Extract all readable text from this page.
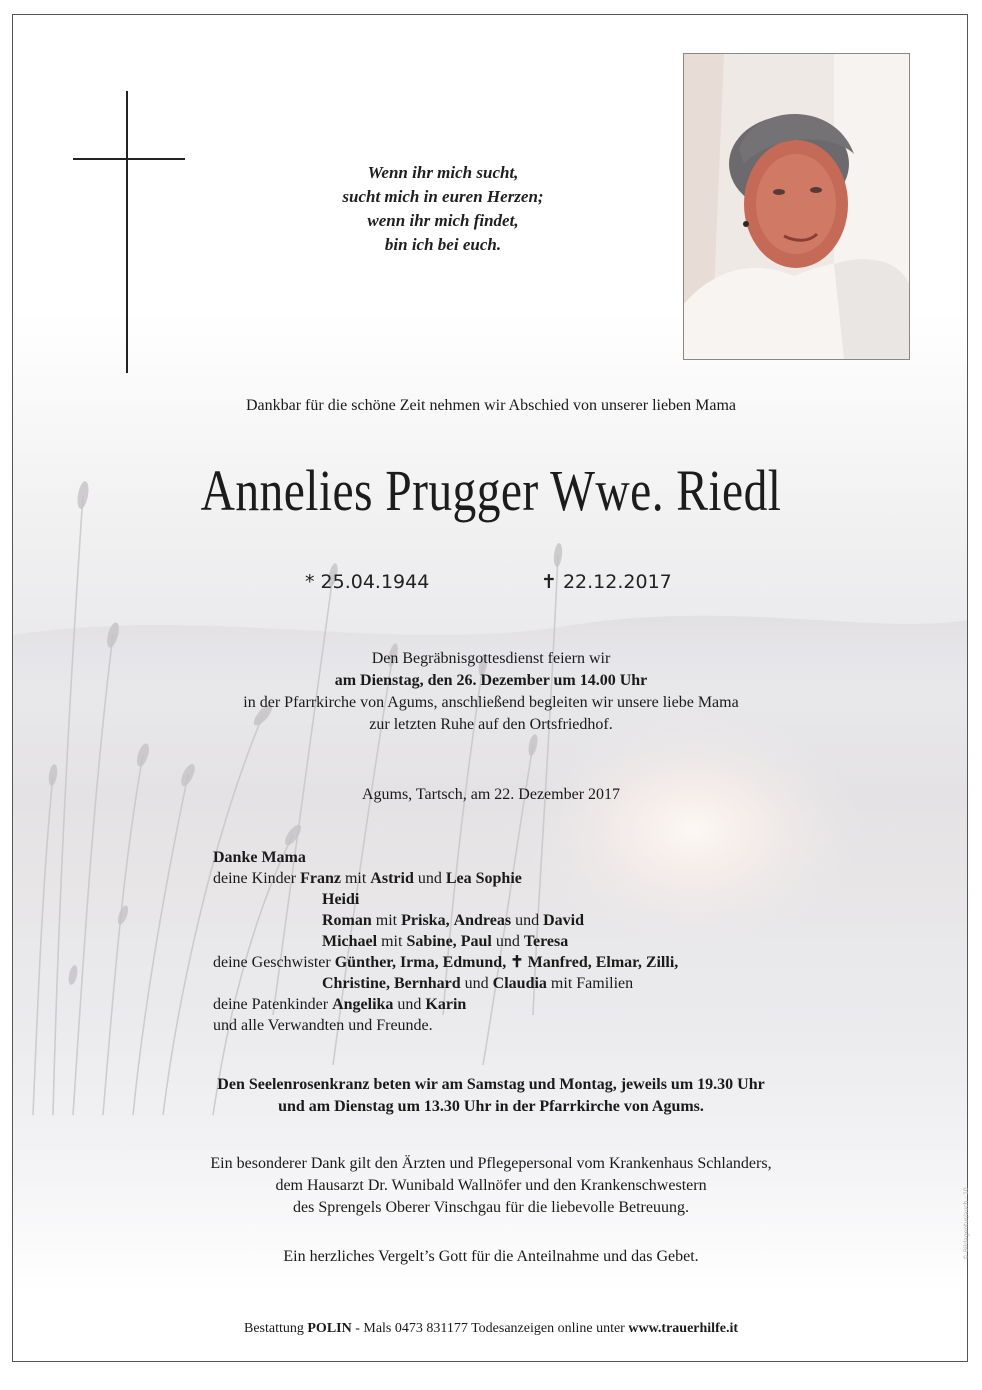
Wenn ihr mich sucht,
sucht mich in euren Herzen;
wenn ihr mich findet,
bin ich bei euch.
Dankbar für die schöne Zeit nehmen wir Abschied von unserer lieben Mama
Annelies Prugger Wwe. Riedl
* 25.04.1944	✝ 22.12.2017
Den Begräbnisgottesdienst feiern wir
am Dienstag, den 26. Dezember um 14.00 Uhr
in der Pfarrkirche von Agums, anschließend begleiten wir unsere liebe Mama
zur letzten Ruhe auf den Ortsfriedhof.
Agums, Tartsch, am 22. Dezember 2017
Danke Mama
deine Kinder Franz mit Astrid und Lea Sophie
Heidi
Roman mit Priska, Andreas und David
Michael mit Sabine, Paul und Teresa
deine Geschwister Günther, Irma, Edmund, ✝ Manfred, Elmar, Zilli,
Christine, Bernhard und Claudia mit Familien
deine Patenkinder Angelika und Karin
und alle Verwandten und Freunde.
Den Seelenrosenkranz beten wir am Samstag und Montag, jeweils um 19.30 Uhr
und am Dienstag um 13.30 Uhr in der Pfarrkirche von Agums.
Ein besonderer Dank gilt den Ärzten und Pflegepersonal vom Krankenhaus Schlanders,
dem Hausarzt Dr. Wunibald Wallnöfer und den Krankenschwestern
des Sprengels Oberer Vinschgau für die liebevolle Betreuung.
Ein herzliches Vergelt’s Gott für die Anteilnahme und das Gebet.
Bestattung POLIN - Mals 0473 831177 Todesanzeigen online unter www.trauerhilfe.it
© Bildagentur/auch · 10
